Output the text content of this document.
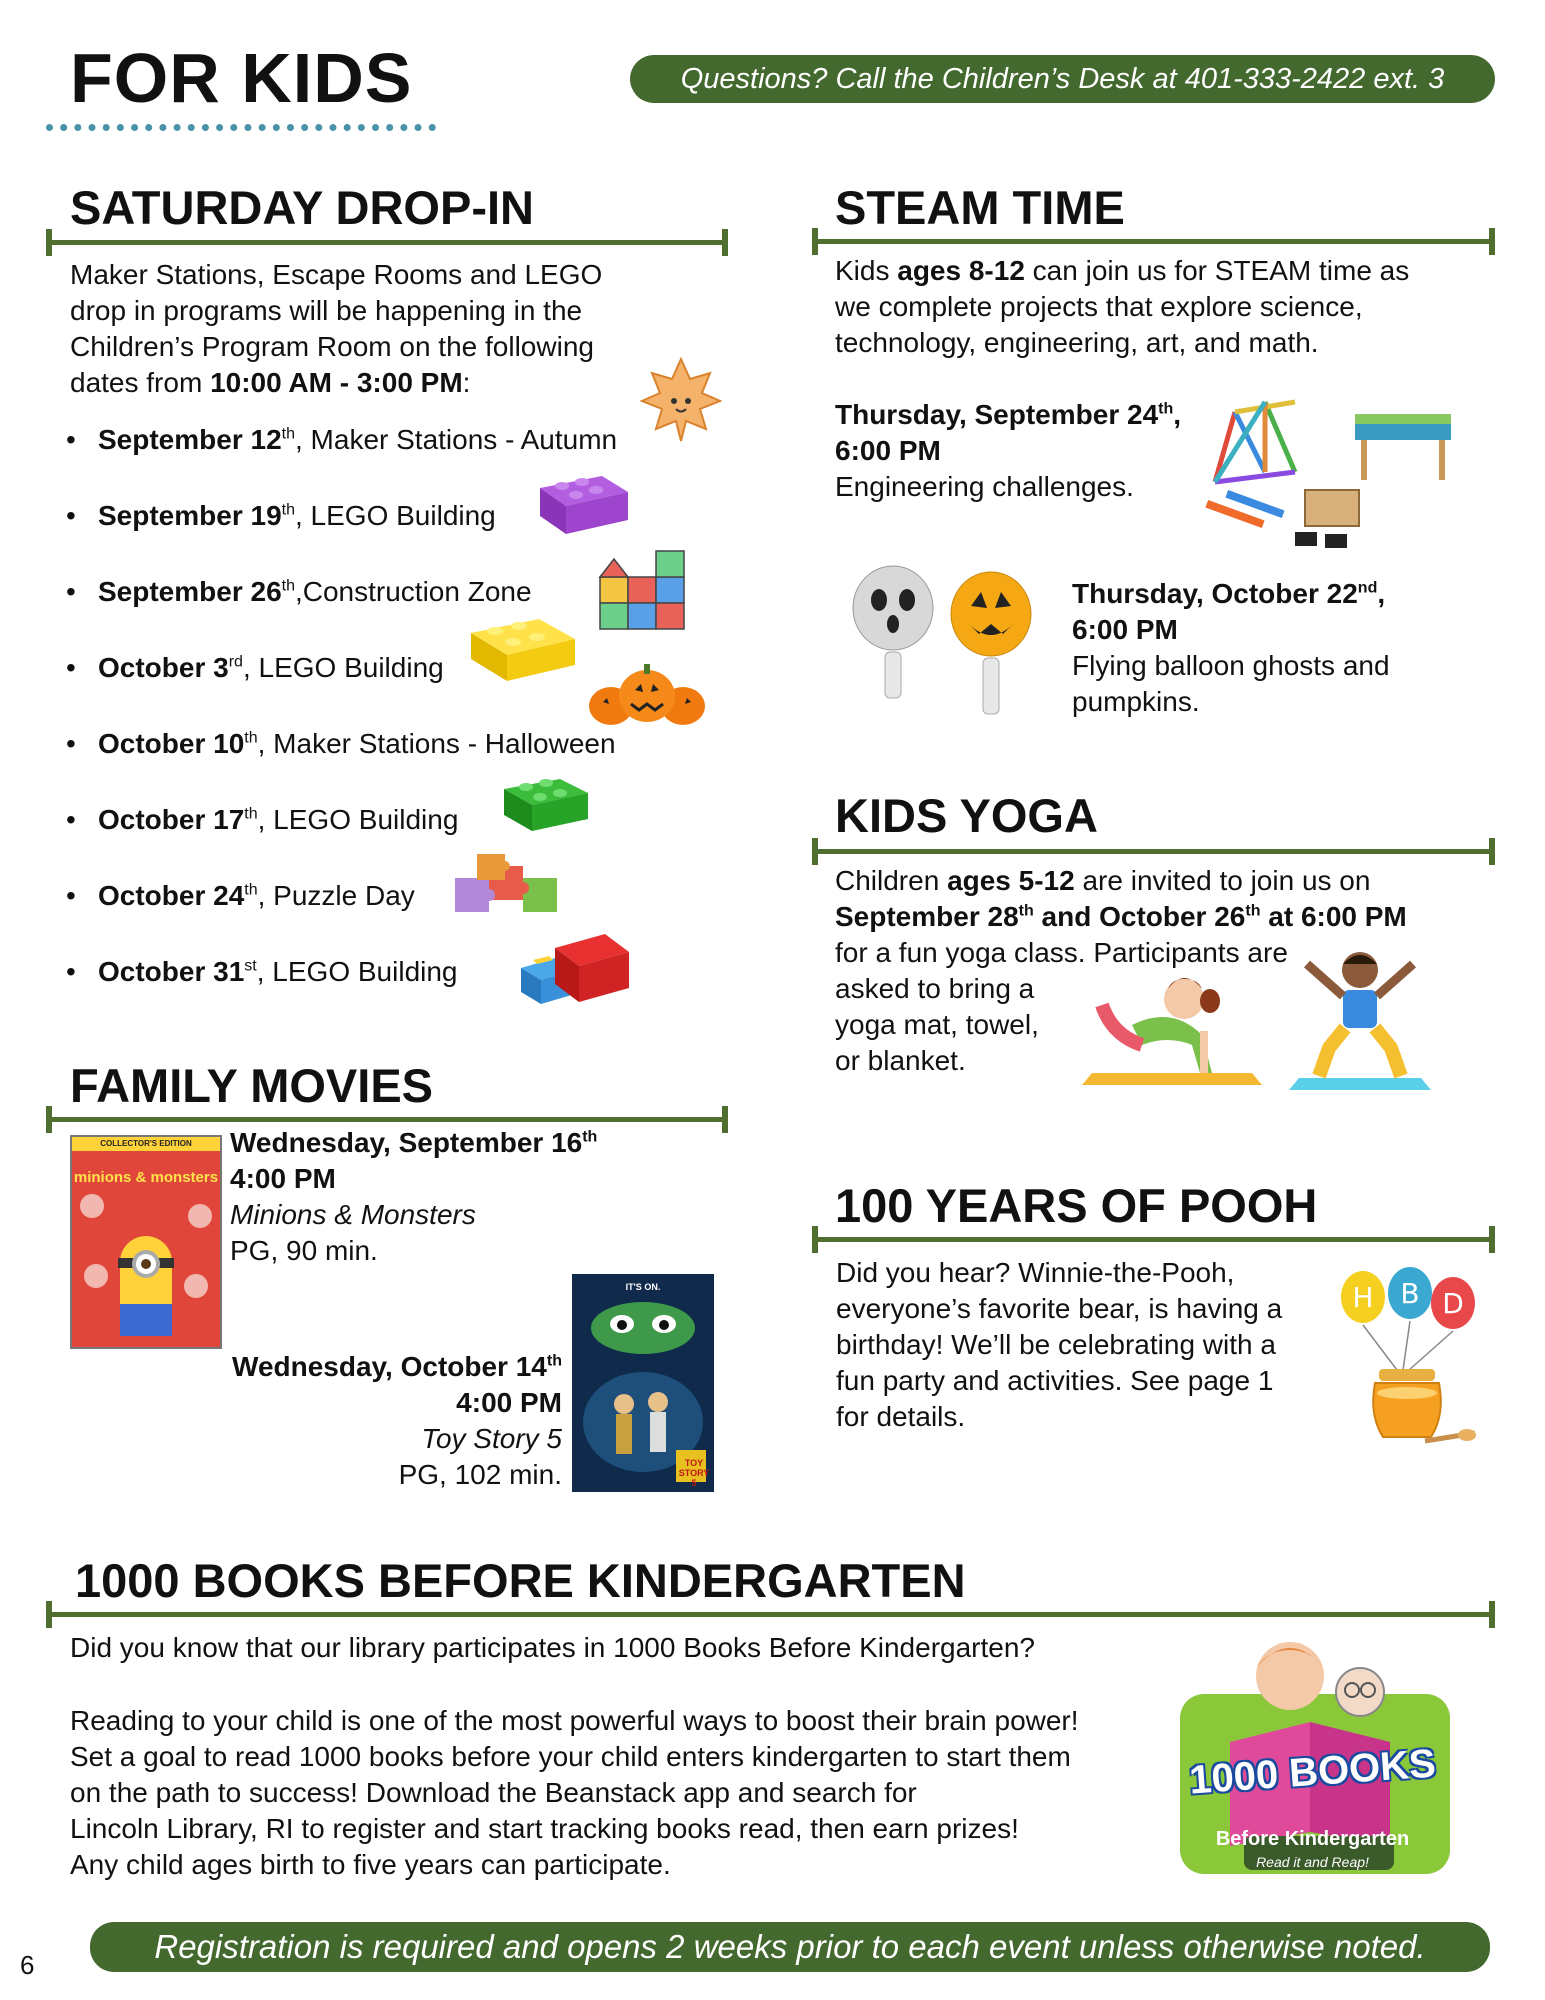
FOR KIDS	Questions? Call the Children’s Desk at 401-333-2422 ext. 3
SATURDAY DROP-IN
Maker Stations, Escape Rooms and LEGO
drop in programs will be happening in the
Children’s Program Room on the following
dates from 10:00 AM - 3:00 PM:
• September 12th, Maker Stations - Autumn
• September 19th, LEGO Building
• September 26th,Construction Zone
• October 3rd, LEGO Building
• October 10th, Maker Stations - Halloween
• October 17th, LEGO Building
• October 24th, Puzzle Day
• October 31st, LEGO Building
FAMILY MOVIES
COLLECTOR'S EDITION
minions & monsters
Wednesday, September 16th
4:00 PM
Minions & Monsters
PG, 90 min.
IT'S ON.
TOY STORY 5
Wednesday, October 14th
4:00 PM
Toy Story 5
PG, 102 min.
STEAM TIME
Kids ages 8-12 can join us for STEAM time as
we complete projects that explore science,
technology, engineering, art, and math.
Thursday, September 24th,
6:00 PM
Engineering challenges.
Thursday, October 22nd,
6:00 PM
Flying balloon ghosts and
pumpkins.
KIDS YOGA
Children ages 5-12 are invited to join us on
September 28th and October 26th at 6:00 PM
for a fun yoga class. Participants are
asked to bring a
yoga mat, towel,
or blanket.
100 YEARS OF POOH
Did you hear? Winnie-the-Pooh,
everyone’s favorite bear, is having a
birthday! We’ll be celebrating with a
fun party and activities. See page 1
for details.
H B D
1000 BOOKS BEFORE KINDERGARTEN
Did you know that our library participates in 1000 Books Before Kindergarten?
Reading to your child is one of the most powerful ways to boost their brain power!
Set a goal to read 1000 books before your child enters kindergarten to start them
on the path to success! Download the Beanstack app and search for
Lincoln Library, RI to register and start tracking books read, then earn prizes!
Any child ages birth to five years can participate.
1000 BOOKS
Before Kindergarten
Read it and Reap!
Registration is required and opens 2 weeks prior to each event unless otherwise noted.
6
